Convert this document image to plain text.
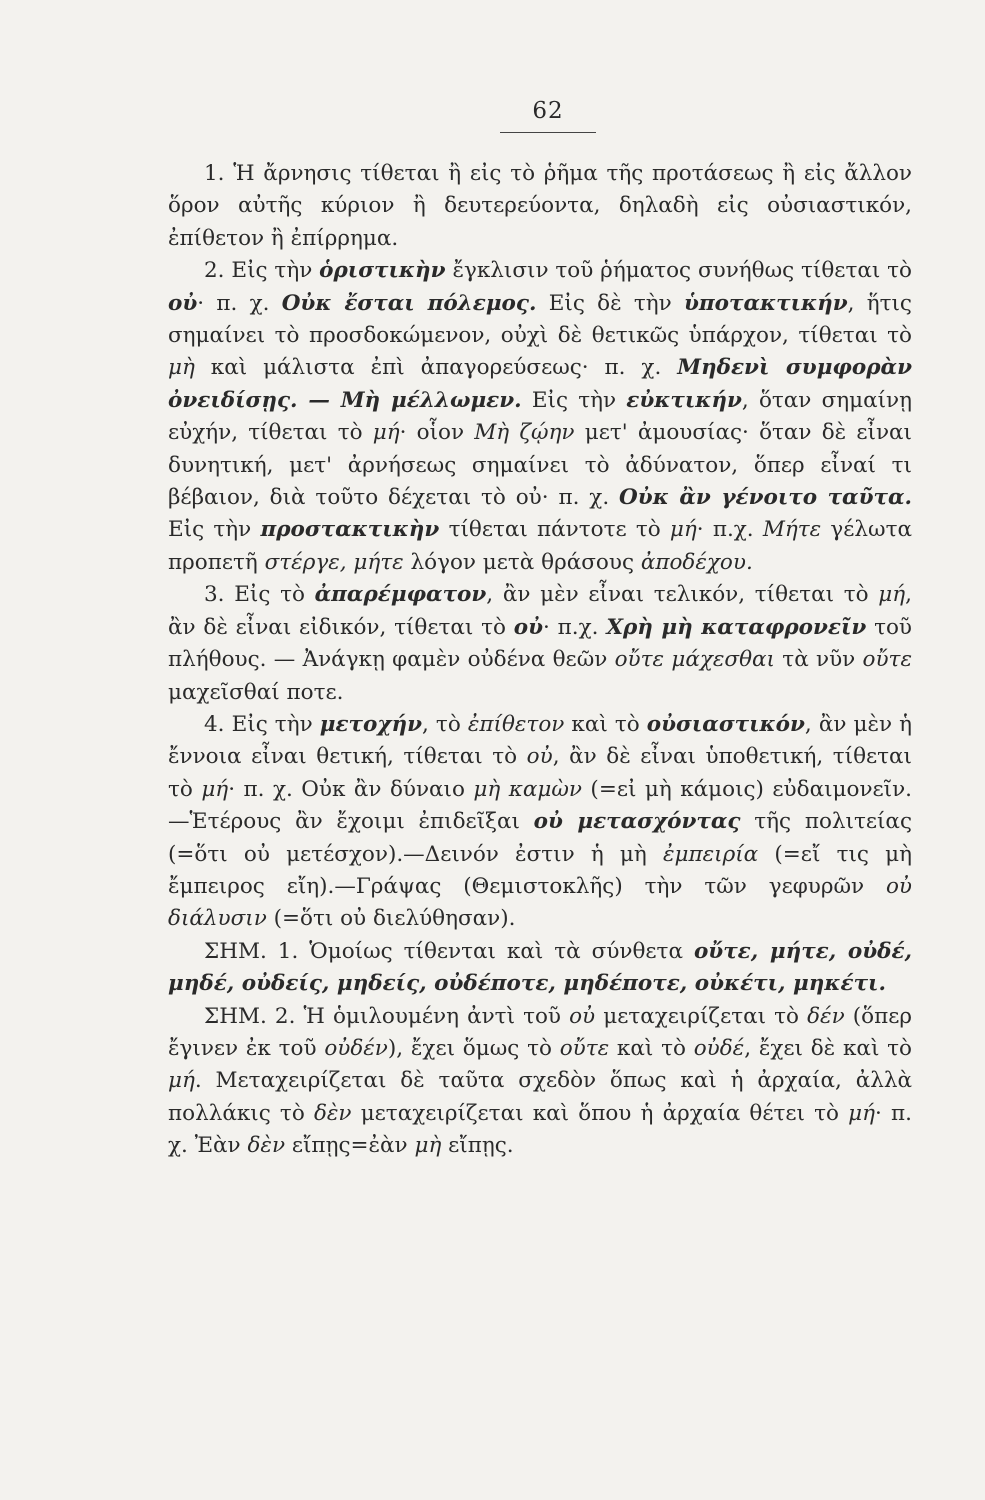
62

1. Ἡ ἄρνησις τίθεται ἢ εἰς τὸ ῥῆμα τῆς προτάσεως ἢ εἰς ἄλλον ὅρον αὐτῆς κύριον ἢ δευτερεύοντα, δηλαδὴ εἰς οὐσιαστικόν, ἐπίθετον ἢ ἐπίρρημα.

2. Εἰς τὴν ὁριστικὴν ἔγκλισιν τοῦ ῥήματος συνήθως τίθεται τὸ οὐ· π. χ. Οὐκ ἔσται πόλεμος. Εἰς δὲ τὴν ὑποτακτικήν, ἥτις σημαίνει τὸ προσδοκώμενον, οὐχὶ δὲ θετικῶς ὑπάρχον, τίθεται τὸ μὴ καὶ μάλιστα ἐπὶ ἀπαγορεύσεως· π. χ. Μηδενὶ συμφορὰν ὀνειδίσῃς. — Μὴ μέλλωμεν. Εἰς τὴν εὐκτικήν, ὅταν σημαίνῃ εὐχήν, τίθεται τὸ μή· οἷον Μὴ ζῴην μετ' ἀμουσίας· ὅταν δὲ εἶναι δυνητική, μετ' ἀρνήσεως σημαίνει τὸ ἀδύνατον, ὅπερ εἶναί τι βέβαιον, διὰ τοῦτο δέχεται τὸ οὐ· π. χ. Οὐκ ἂν γένοιτο ταῦτα. Εἰς τὴν προστακτικὴν τίθεται πάντοτε τὸ μή· π.χ. Μήτε γέλωτα προπετῆ στέργε, μήτε λόγον μετὰ θράσους ἀποδέχου.

3. Εἰς τὸ ἀπαρέμφατον, ἂν μὲν εἶναι τελικόν, τίθεται τὸ μή, ἂν δὲ εἶναι εἰδικόν, τίθεται τὸ οὐ· π.χ. Χρὴ μὴ καταφρονεῖν τοῦ πλήθους. — Ἀνάγκῃ φαμὲν οὐδένα θεῶν οὔτε μάχεσθαι τὰ νῦν οὔτε μαχεῖσθαί ποτε.

4. Εἰς τὴν μετοχήν, τὸ ἐπίθετον καὶ τὸ οὐσιαστικόν, ἂν μὲν ἡ ἔννοια εἶναι θετική, τίθεται τὸ οὐ, ἂν δὲ εἶναι ὑποθετική, τίθεται τὸ μή· π. χ. Οὐκ ἂν δύναιο μὴ καμὼν (=εἰ μὴ κάμοις) εὐδαιμονεῖν.—Ἑτέρους ἂν ἔχοιμι ἐπιδεῖξαι οὐ μετασχόντας τῆς πολιτείας (=ὅτι οὐ μετέσχον).—Δεινόν ἐστιν ἡ μὴ ἐμπειρία (=εἴ τις μὴ ἔμπειρος εἴη).—Γράψας (Θεμιστοκλῆς) τὴν τῶν γεφυρῶν οὐ διάλυσιν (=ὅτι οὐ διελύθησαν).

ΣΗΜ. 1. Ὁμοίως τίθενται καὶ τὰ σύνθετα οὔτε, μήτε, οὐδέ, μηδέ, οὐδείς, μηδείς, οὐδέποτε, μηδέποτε, οὐκέτι, μηκέτι.

ΣΗΜ. 2. Ἡ ὁμιλουμένη ἀντὶ τοῦ οὐ μεταχειρίζεται τὸ δέν (ὅπερ ἔγινεν ἐκ τοῦ οὐδέν), ἔχει ὅμως τὸ οὔτε καὶ τὸ οὐδέ, ἔχει δὲ καὶ τὸ μή. Μεταχειρίζεται δὲ ταῦτα σχεδὸν ὅπως καὶ ἡ ἀρχαία, ἀλλὰ πολλάκις τὸ δὲν μεταχειρίζεται καὶ ὅπου ἡ ἀρχαία θέτει τὸ μή· π. χ. Ἐὰν δὲν εἴπῃς=ἐὰν μὴ εἴπῃς.
